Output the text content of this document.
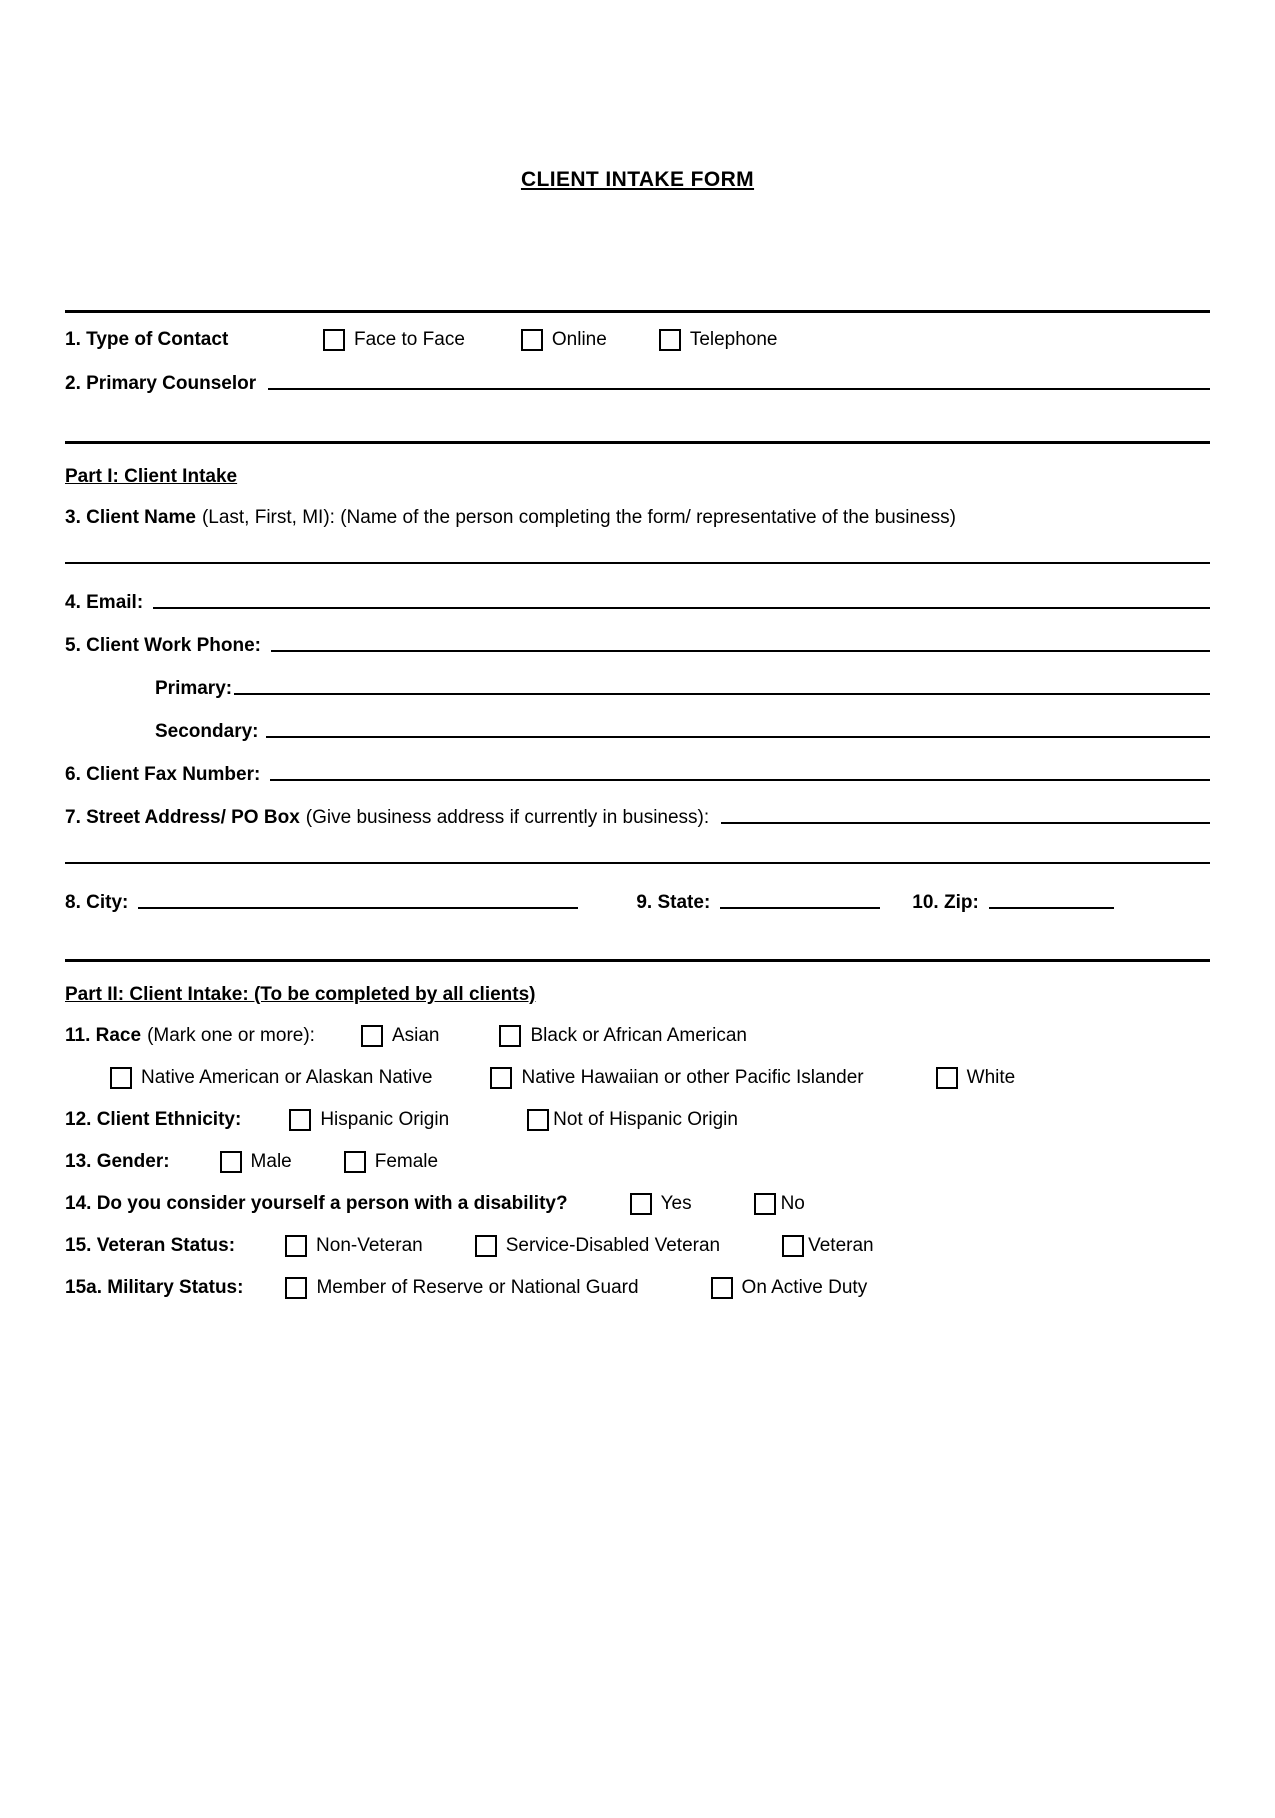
CLIENT INTAKE FORM
1. Type of Contact	Face to Face	Online	Telephone
2. Primary Counselor
Part I: Client Intake
3. Client Name (Last, First, MI): (Name of the person completing the form/ representative of the business)
4. Email:
5. Client Work Phone:
Primary:
Secondary:
6. Client Fax Number:
7. Street Address/ PO Box (Give business address if currently in business):
8. City:	9. State:	10. Zip:
Part II: Client Intake: (To be completed by all clients)
11. Race (Mark one or more):	Asian	Black or African American
Native American or Alaskan Native	Native Hawaiian or other Pacific Islander	White
12. Client Ethnicity:	Hispanic Origin	Not of Hispanic Origin
13. Gender:	Male	Female
14. Do you consider yourself a person with a disability?	Yes	No
15. Veteran Status:	Non-Veteran	Service-Disabled Veteran	Veteran
15a. Military Status:	Member of Reserve or National Guard	On Active Duty
